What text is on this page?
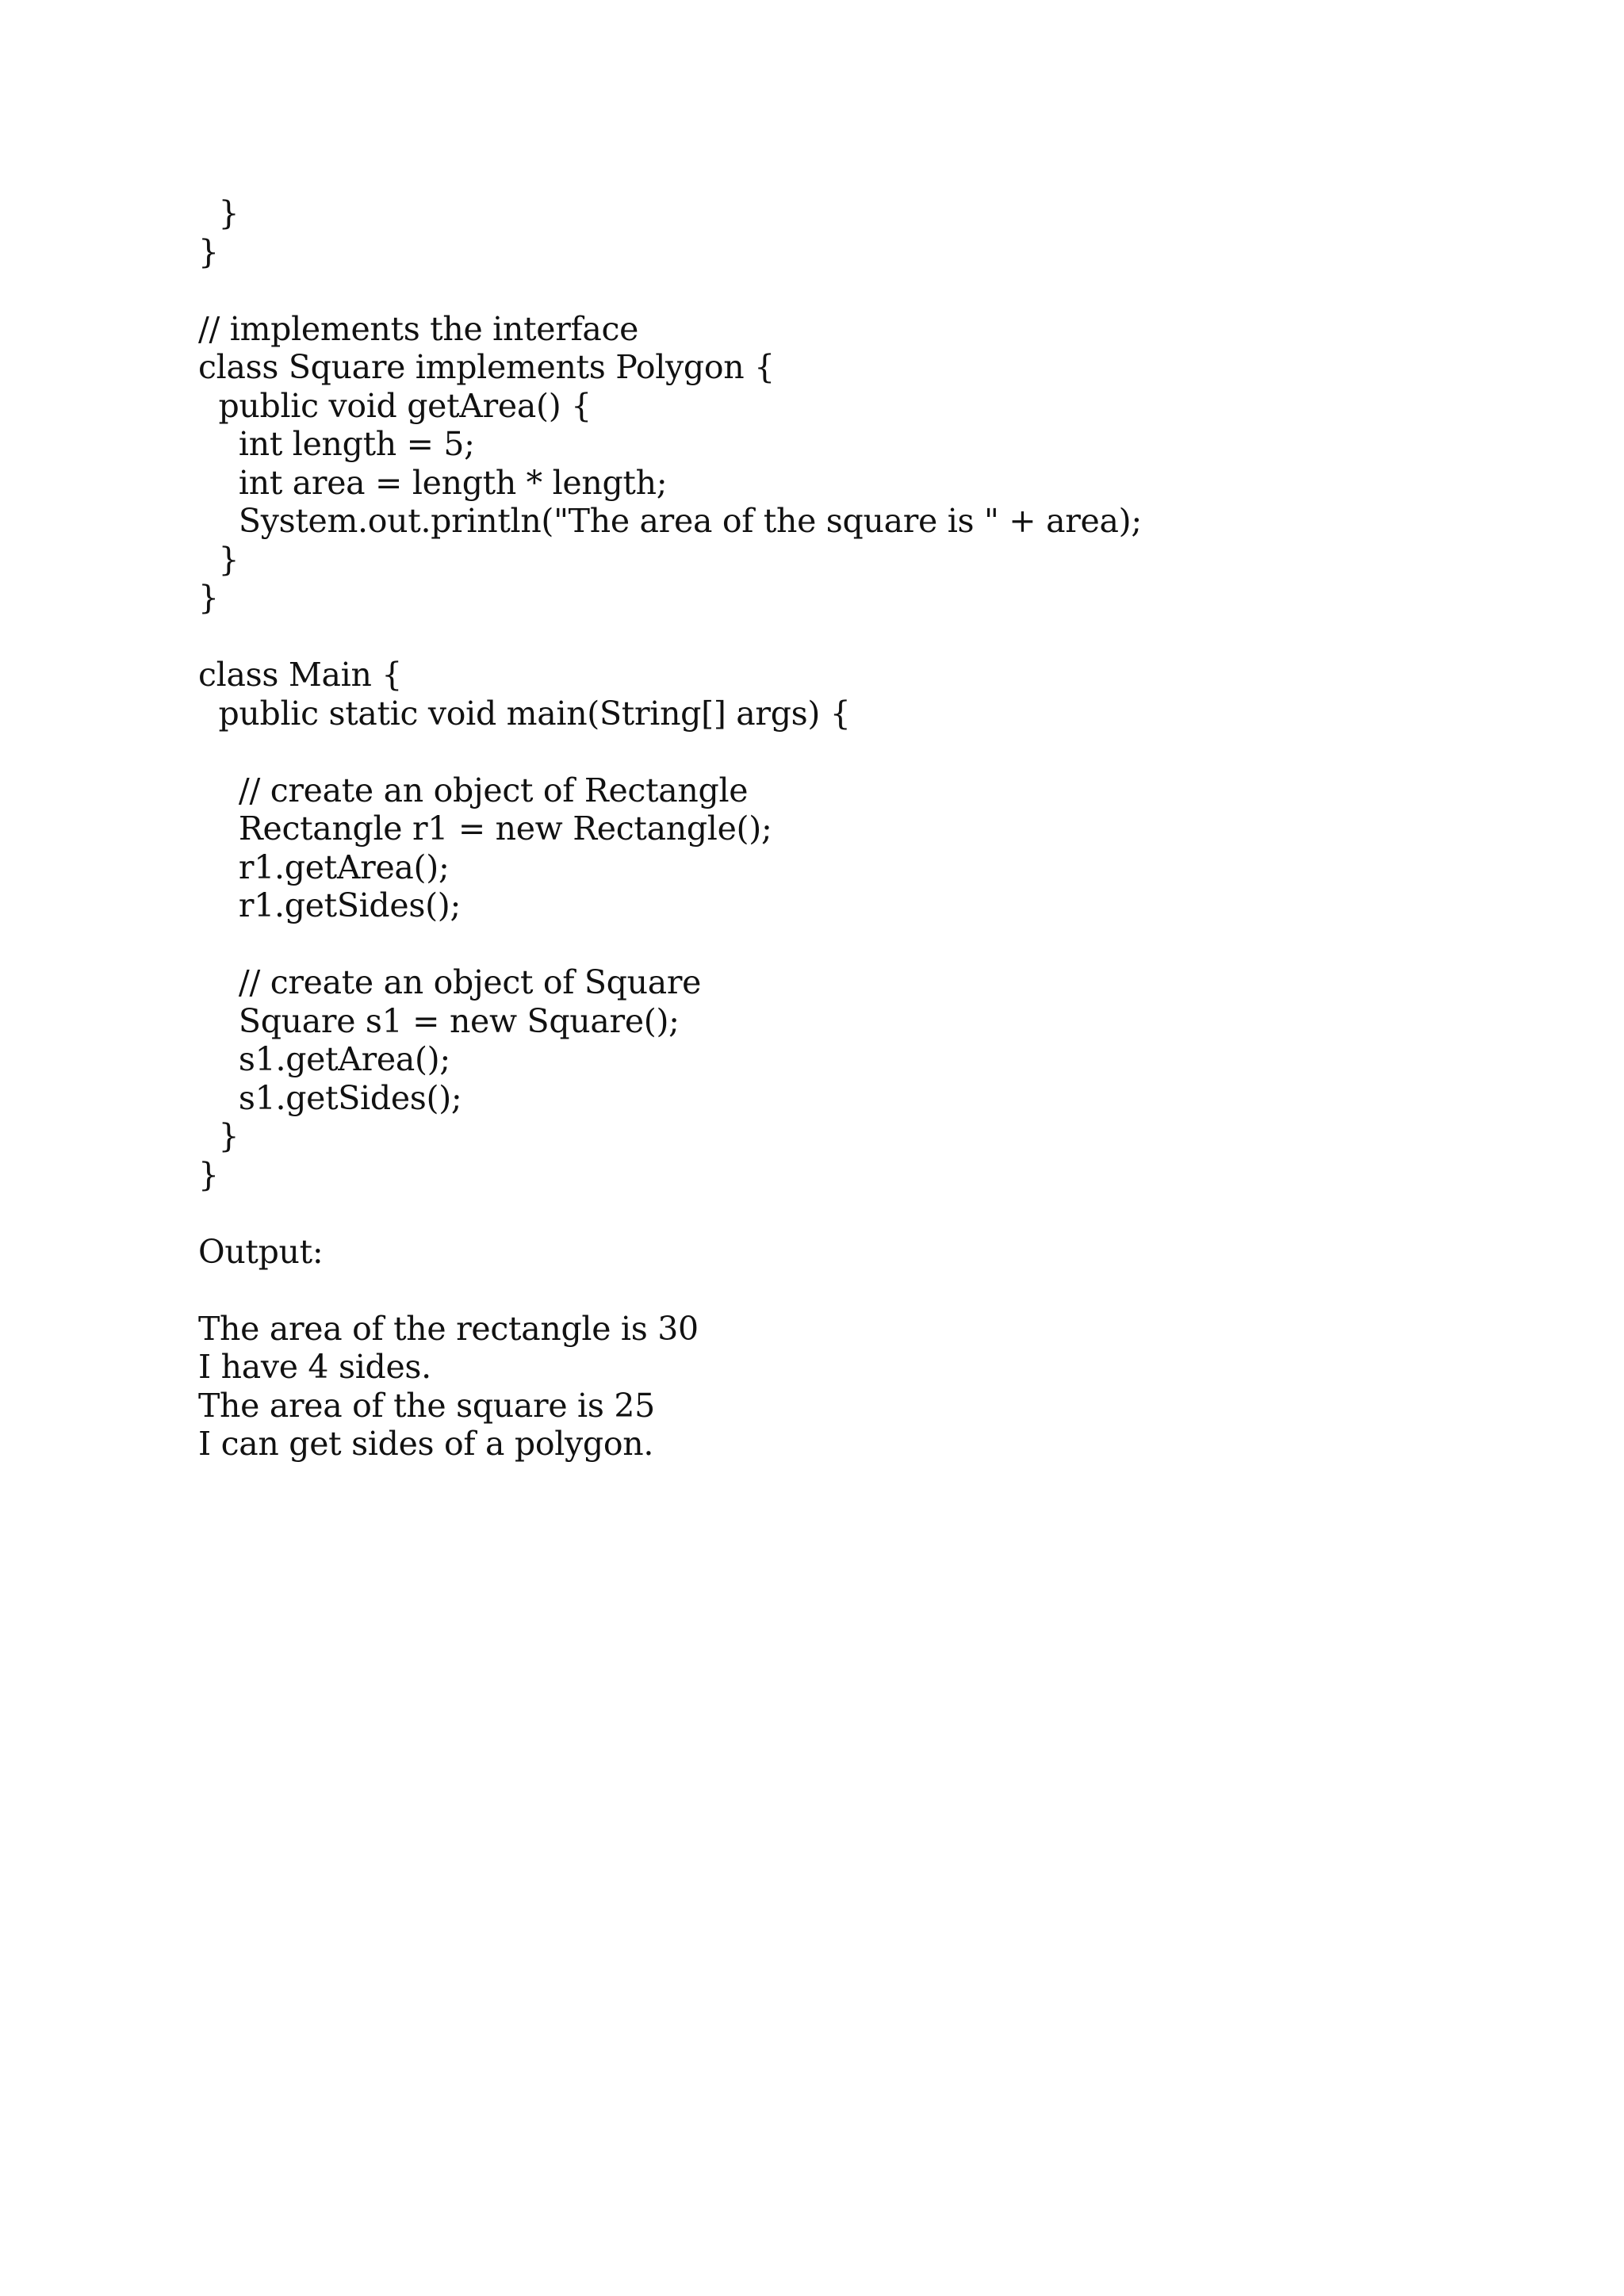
}
}
// implements the interface
class Square implements Polygon {
public void getArea() {
int length = 5;
int area = length * length;
System.out.println("The area of the square is " + area);
}
}
class Main {
public static void main(String[] args) {
// create an object of Rectangle
Rectangle r1 = new Rectangle();
r1.getArea();
r1.getSides();
// create an object of Square
Square s1 = new Square();
s1.getArea();
s1.getSides();
}
}
Output:
The area of the rectangle is 30
I have 4 sides.
The area of the square is 25
I can get sides of a polygon.
